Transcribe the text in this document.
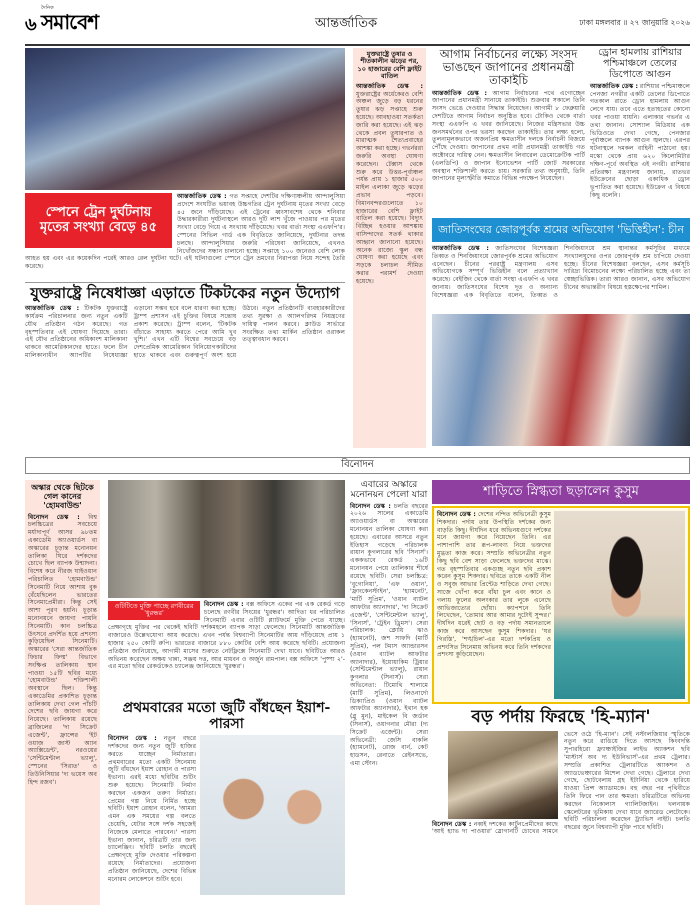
৬
দৈনিক
সমাবেশ	আন্তর্জাতিক	ঢাকা মঙ্গলবার ॥ ২৭ জানুয়ারি ২০২৬
স্পেনে ট্রেন দুর্ঘটনায় মৃতের সংখ্যা বেড়ে ৪৫
আন্তর্জাতিক ডেস্ক : গত সপ্তাহে দেশটির দক্ষিণাঞ্চলীয় আন্দালুসিয়া প্রদেশে সংঘটিত ভয়াবহ উচ্চগতির ট্রেন দুর্ঘটনায় মৃতের সংখ্যা বেড়ে ৪৫ জনে দাঁড়িয়েছে। এই ট্রেনের ধ্বংসাবশেষ থেকে শনিবার উদ্ধারকারীরা দুর্ঘটনাস্থলে আরও দুটি লাশ খুঁজে পাওয়ার পর মৃতের সংখ্যা বেড়ে গিয়ে এ সংখ্যায় দাঁড়িয়েছে। খবর বার্তা সংস্থা এএফপি'র। স্পেনের সিভিল গার্ড এক বিবৃতিতে জানিয়েছে, দুর্ঘটনার তদন্ত চলছে। আন্দালুসিয়ার জরুরি পরিষেবা জানিয়েছে, এখনও নিখোঁজদের সন্ধান চালানো হচ্ছে। সপ্তাহে ১০০ জনেরও বেশি লোক আহত হয় এবং এর কয়েকদিন পরেই আরও রেল দুর্ঘটনা ঘটে। এই ঘটনাগুলো স্পেনে ট্রেন ভ্রমণের নিরাপত্তা নিয়ে সন্দেহ তৈরি করেছে।
যুক্তরাষ্ট্রে নিষেধাজ্ঞা এড়াতে টিকটকের নতুন উদ্যোগ
আন্তর্জাতিক ডেস্ক : টিকটক যুক্তরাষ্ট্রে কার্যক্রম পরিচালনার জন্য নতুন একটি যৌথ প্রতিষ্ঠান গঠন করেছে। গত বৃহস্পতিবার এই ঘোষণা দিয়েছে তারা। এই যৌথ প্রতিষ্ঠানের অধিকাংশ মালিকানা থাকবে আমেরিকানদের হাতে। ফলে চীন মালিকানাধীন অ্যাপটির নিষেধাজ্ঞা এড়ানো সম্ভব হবে বলে ধারণা করা হচ্ছে। ট্রাম্প প্রশাসন এই চুক্তির বিষয়ে সন্তোষ প্রকাশ করেছে। ট্রাম্প বলেন, 'টিকটক বাঁচাতে সাহায্য করতে পেরে আমি খুব খুশি।' এখন এটি বিশ্বের সবচেয়ে বড় দেশপ্রেমিক আমেরিকান বিনিয়োগকারীদের হাতে থাকবে এবং গুরুত্বপূর্ণ অংশ হয়ে উঠবে। নতুন প্রতিষ্ঠানটি ব্যবহারকারীদের তথ্য সুরক্ষা ও অ্যালগরিদম নিয়ন্ত্রণের দায়িত্ব পালন করবে। ক্লাউড সার্ভারে সংরক্ষিত তথ্য মার্কিন প্রতিষ্ঠান ওরাকল তত্ত্বাবধান করবে।
যুক্তরাষ্ট্রে তুষার ও শীতকালীন ঝড়ের পর, ১০ হাজারের বেশি ফ্লাইট বাতিল
আন্তর্জাতিক ডেস্ক : যুক্তরাষ্ট্রের অর্ধেকেরও বেশি অঞ্চল জুড়ে বড় ধরনের তুষার ঝড় সপ্তাহে শুরু হয়েছে। আবহাওয়া সতর্কতা জারি করা হয়েছে। এই ঝড় থেকে প্রবল তুষারপাত ও মারাত্মক শৈত্যপ্রবাহের আশঙ্কা করা হচ্ছে। গভর্নররা জরুরি অবস্থা ঘোষণা করেছেন। টেক্সাস থেকে শুরু করে উত্তর-পূর্বাঞ্চল পর্যন্ত প্রায় ১ হাজার ৫০০ মাইল এলাকা জুড়ে ঝড়ের প্রভাব পড়বে। বিমানবন্দরগুলোতে ১০ হাজারের বেশি ফ্লাইট বাতিল করা হয়েছে। বিদ্যুৎ বিচ্ছিন্ন হওয়ার আশঙ্কায় বাসিন্দাদের সতর্ক থাকার আহ্বান জানানো হয়েছে। অনেক রাজ্যে স্কুল বন্ধ ঘোষণা করা হয়েছে এবং সড়কে চলাচল সীমিত করার পরামর্শ দেওয়া হয়েছে।
আগাম নির্বাচনের লক্ষ্যে সংসদ ভাঙছেন জাপানের প্রধানমন্ত্রী তাকাইচি
আন্তর্জাতিক ডেস্ক : আগাম নির্বাচনের পথে এগোচ্ছেন জাপানের প্রধানমন্ত্রী সানায়ে তাকাইচি। শুক্রবার সকালে তিনি সংসদ ভেঙে দেওয়ার সিদ্ধান্ত নিয়েছেন। আগামী ৮ ফেব্রুয়ারি দেশটিতে আগাম নির্বাচন অনুষ্ঠিত হবে। টোকিও থেকে বার্তা সংস্থা এএফপি এ খবর জানিয়েছে। নিজের মন্ত্রিসভার উচ্চ জনসমর্থনের ওপর ভরসা করছেন তাকাইচি। তার লক্ষ্য হলো, তুলনামূলকভাবে অজনপ্রিয় ক্ষমতাসীন দলকে নির্বাচনী বিজয়ে পৌঁছে দেওয়া। জাপানের প্রথম নারী প্রধানমন্ত্রী তাকাইচি গত অক্টোবরে দায়িত্ব নেন। ক্ষমতাসীন লিবারেল ডেমোক্রেটিক পার্টি (এলডিপি) ও জাপান ইনোভেশন পার্টি জোট সরকারের অবস্থান শক্তিশালী করতে চায়। সরকারি তথ্য অনুযায়ী, তিনি জাপানের মূল্যস্ফীতি কমাতে বিভিন্ন পদক্ষেপ নিয়েছেন।
ড্রোন হামলায় রাশিয়ার পশ্চিমাঞ্চলে তেলের ডিপোতে আগুন
আন্তর্জাতিক ডেস্ক : রাশিয়ার পশ্চিমাঞ্চলে পেনজা নগরীর একটি তেলের ডিপোতে গতকাল রাতে ড্রোন হামলায় আগুন লেগে যায়। তবে এতে হতাহতের কোনো খবর পাওয়া যায়নি। এলাকার গভর্নর এ তথ্য জানান। সোশ্যাল মিডিয়ার এক ভিডিওতে দেখা গেছে, পেনজার পূর্বাঞ্চলে ব্যাপক আগুন জ্বলছে। এরপর ঘটনাস্থলে দমকল বাহিনী পাঠানো হয়। মস্কো থেকে প্রায় ৬২০ কিলোমিটার দক্ষিণ-পূর্বে অবস্থিত এই নগরী। রাশিয়ার প্রতিরক্ষা মন্ত্রণালয় জানায়, রাতভর ইউক্রেনের ছোড়া একাধিক ড্রোন ভূপাতিত করা হয়েছে। ইউক্রেন এ বিষয়ে কিছু বলেনি।
জাতিসংঘের জোরপূর্বক শ্রমের অভিযোগ 'ভিত্তিহীন': চীন
আন্তর্জাতিক ডেস্ক : জাতিসংঘের বিশেষজ্ঞরা তিব্বত ও শিনজিয়াংয়ে জোরপূর্বক শ্রমের অভিযোগ এনেছেন। চীনের পররাষ্ট্র মন্ত্রণালয় এসব অভিযোগকে সম্পূর্ণ ভিত্তিহীন বলে প্রত্যাখ্যান করেছে। বেইজিং থেকে বার্তা সংস্থা এএফপি এ খবর জানায়। জাতিসংঘের বিশেষ দূত ও অন্যান্য বিশেষজ্ঞরা এক বিবৃতিতে বলেন, তিব্বত ও শিনজিয়াংয়ে শ্রম স্থানান্তর কর্মসূচির মাধ্যমে সংখ্যালঘুদের ওপর জোরপূর্বক শ্রম চাপিয়ে দেওয়া হচ্ছে। চীনের বিশেষজ্ঞরা বলছেন, এসব কর্মসূচি দারিদ্র্য বিমোচনের লক্ষ্যে পরিচালিত হচ্ছে এবং তা স্বেচ্ছাভিত্তিক। তারা আরও জানান, এসব অভিযোগ চীনের অভ্যন্তরীণ বিষয়ে হস্তক্ষেপের শামিল।
বিনোদন
অস্কার থেকে ছিটকে গেল কানের 'হোমবাউন্ড'
বিনোদন ডেস্ক : বিশ্ব চলচ্চিত্রের সবচেয়ে মর্যাদাপূর্ণ আসর ৯৮তম একাডেমি অ্যাওয়ার্ডস বা অস্কারের চূড়ান্ত মনোনয়ন তালিকা ঘিরে দর্শকদের চোখে ছিল ব্যাপক উন্মাদনা। বিশেষ করে নীরজ ঘাইওয়ান পরিচালিত 'হোমবাউন্ড' সিনেমাটি নিয়ে আশায় বুক বেঁধেছিলেন ভারতের সিনেমাপ্রেমীরা। কিন্তু সেই আশা পূরণ হয়নি। চূড়ান্ত মনোনয়নে জায়গা পায়নি সিনেমাটি। কান চলচ্চিত্র উৎসবে প্রদর্শিত হয়ে প্রশংসা কুড়িয়েছিল সিনেমাটি। অস্কারের 'সেরা আন্তর্জাতিক ফিচার ফিল্ম' বিভাগে সংক্ষিপ্ত তালিকায় স্থান পাওয়া ১৫টি ছবির মধ্যে 'হোমবাউন্ড' শক্তিশালী অবস্থানে ছিল। কিন্তু একাডেমির প্রকাশিত চূড়ান্ত তালিকায় দেখা গেল পাঁচটি দেশের ছবি জায়গা করে নিয়েছে। তালিকায় রয়েছে ব্রাজিলের 'দ্য সিক্রেট এজেন্ট', ফ্রান্সের 'ইট ওয়াজ জাস্ট অ্যান অ্যাক্সিডেন্ট', নরওয়ের 'সেন্টিমেন্টাল ভ্যালু', স্পেনের 'সিরাত' ও তিউনিসিয়ার 'দ্য ভয়েস অব হিন্দ রজব'।
ওটিটিতে মুক্তি পাচ্ছে রণবীরের 'ধুরন্ধর'
বিনোদন ডেস্ক : বক্স অফিসে একের পর এক রেকর্ড গড়ে চলেছে রণবীর সিংয়ের 'ধুরন্ধর'। আদিত্য ধর পরিচালিত সিনেমাটি এবার ওটিটি প্ল্যাটফর্মে মুক্তি পেতে যাচ্ছে। প্রেক্ষাগৃহে মুক্তির পর থেকেই ছবিটি দর্শকমহলে ব্যাপক সাড়া ফেলেছে। সিনেমাটি আন্তর্জাতিক বাজারেও উল্লেখযোগ্য আয় করেছে। এখন পর্যন্ত বিশ্বব্যাপী সিনেমাটির আয় দাঁড়িয়েছে প্রায় ১ হাজার ২৫০ কোটি রুপি। ভারতের বাজারে ৮৮০ কোটির বেশি আয় করেছে ছবিটি। প্রযোজনা প্রতিষ্ঠান জানিয়েছে, আগামী মাসের শুরুতে নেটফ্লিক্সে সিনেমাটি দেখা যাবে। ছবিটিতে আরও অভিনয় করেছেন অক্ষয় খান্না, সঞ্জয় দত্ত, আর মাধবন ও অর্জুন রামপাল। বক্স অফিসে 'পুষ্পা ২'-এর মতো ছবির রেকর্ডকেও চ্যালেঞ্জ জানিয়েছে 'ধুরন্ধর'।
প্রথমবারের মতো জুটি বাঁধছেন ইয়াশ-পারসা
বিনোদন ডেস্ক : নতুন বছরে দর্শকদের জন্য নতুন জুটি হাজির করতে যাচ্ছেন নির্মাতারা। প্রথমবারের মতো একটি সিনেমায় জুটি বাঁধছেন ইয়াশ রোহান ও পারসা ইভানা। এরই মধ্যে ছবিটির শুটিং শুরু হয়েছে। সিনেমাটি নির্মাণ করছেন একজন তরুণ নির্মাতা। প্রেমের গল্প নিয়ে নির্মিত হচ্ছে ছবিটি। ইয়াশ রোহান বলেন, 'আমরা এমন এক সময়ের গল্প বলতে চেয়েছি, যেটার সঙ্গে দর্শক সহজেই নিজেকে মেলাতে পারবেন।' পারসা ইভানা জানান, চরিত্রটি তার জন্য চ্যালেঞ্জিং। ছবিটি চলতি বছরেই প্রেক্ষাগৃহে মুক্তি দেওয়ার পরিকল্পনা রয়েছে নির্মাতাদের। প্রযোজনা প্রতিষ্ঠান জানিয়েছে, দেশের বিভিন্ন মনোরম লোকেশনে শুটিং হবে।
এবারের অস্কারে মনোনয়ন পেলো যারা
বিনোদন ডেস্ক : চলতি বছরের ২০২৬ সালের একাডেমি অ্যাওয়ার্ডস বা অস্কারের মনোনয়ন তালিকা ঘোষণা করা হয়েছে। এবারের আসরে নতুন ইতিহাস গড়েছে পরিচালক রায়ান কুগলারের ছবি 'সিনার্স'। এককভাবে রেকর্ড ১৬টি মনোনয়ন পেয়ে তালিকার শীর্ষে রয়েছে ছবিটি। সেরা চলচ্চিত্র: 'বুগোনিয়া', 'এফ ওয়ান', 'ফ্রাংকেনস্টাইন', 'হ্যামনেট', 'মার্টি সুপ্রিম', 'ওয়ান ব্যাটল আফটার অ্যানাদার', 'দ্য সিক্রেট এজেন্ট', 'সেন্টিমেন্টাল ভ্যালু', 'সিনার্স', 'ট্রেইন ড্রিমস'। সেরা পরিচালক: ক্লোয়ি ঝাও (হ্যামনেট), জশ সাফদি (মার্টি সুপ্রিম), পল টমাস অ্যান্ডারসন (ওয়ান ব্যাটল আফটার অ্যানাদার), ইয়োয়াকিম ট্রিয়ার (সেন্টিমেন্টাল ভ্যালু), রায়ান কুগলার (সিনার্স)। সেরা অভিনেতা: টিমোথি শালামে (মার্টি সুপ্রিম), লিওনার্দো ডিক্যাপ্রিও (ওয়ান ব্যাটল আফটার অ্যানাদার), ইথান হক (ব্লু মুন), মাইকেল বি জর্ডান (সিনার্স), ওয়াগনার মৌরা (দ্য সিক্রেট এজেন্ট)। সেরা অভিনেত্রী: জেসি বাকলি (হ্যামনেট), রোজ বার্ন, কেট হাডসন, রেনাতে রেইনসভে, এমা স্টোন।
শাড়িতে স্নিগ্ধতা ছড়ালেন কুসুম
বিনোদন ডেস্ক : দেশের নন্দিত অভিনেত্রী কুসুম শিকদার। পর্দায় তার উপস্থিতি দর্শকের জন্য বাড়তি কিছু। দীর্ঘদিন ধরে অভিনয়গুণে দর্শকের মনে জায়গা করে নিয়েছেন তিনি। এর পাশাপাশি তার রূপ-লাবণ্য নিয়ে ভক্তদের মুগ্ধতা কাজ করে। সম্প্রতি অভিনেত্রীর নতুন কিছু ছবি বেশ সাড়া ফেলেছে ভক্তদের মাঝে। গত বৃহস্পতিবার একগুচ্ছ নতুন ছবি প্রকাশ করেন কুসুম শিকদার। ছবিতে তাকে একটি নীল ও সবুজ আভার প্রিন্টেড শাড়িতে দেখা গেছে। সাজে খোঁপা করে বাঁধা চুল এবং কানে ও গলায় ফুলের অলংকার তার লুকে এনেছে আভিজাত্যের ছোঁয়া। ক্যাপশনে তিনি লিখেছেন, 'তোমার আর আমার দুটোই সুন্দর।' দীর্ঘদিন ধরেই ছোট ও বড় পর্দায় সমানতালে কাজ করে আসছেন কুসুম শিকদার। 'ঘর গিরস্তি', 'শঙ্খচিল'-এর মতো দর্শকপ্রিয় ও প্রশংসিত সিনেমায় অভিনয় করে তিনি দর্শকদের প্রশংসা কুড়িয়েছেন।
বড় পর্দায় ফিরছে 'হি-ম্যান'
বিনোদন ডেস্ক : নব্বই দশকের কার্টুনপ্রেমীদের কাছে 'আই হ্যাভ দ্য পাওয়ার' স্লোগানটি চোখের সামনে ভেসে ওঠে 'হি-ম্যান'। সেই নস্টালজিয়ার স্মৃতিকে নতুন করে রাঙিয়ে দিতে আসছে কিংবদন্তি সুপারহিরো ফ্র্যাঞ্চাইজির লাইভ অ্যাকশন ছবি 'মাস্টার্স অব দ্য ইউনিভার্স'-এর প্রথম ট্রেলার। সম্প্রতি প্রকাশিত ট্রেলারটিতে অ্যাকশন ও অ্যাডভেঞ্চারের মিশেল দেখা গেছে। ট্রেলারে দেখা গেছে, ছোটবেলায় গ্রহ ইটার্নিয়া থেকে হারিয়ে যাওয়া প্রিন্স অ্যাডামকে। বহু বছর পর পৃথিবীতে তিনি ফিরে পান তার ক্ষমতা। চরিত্রটিতে অভিনয় করছেন নিকোলাস গ্যালিটজাইন। খলনায়ক স্কেলেটরের ভূমিকায় দেখা যাবে জ্যারেড লেটোকে। ছবিটি পরিচালনা করেছেন ট্র্যাভিস নাইট। চলতি বছরের জুনে বিশ্বব্যাপী মুক্তি পাবে ছবিটি।
